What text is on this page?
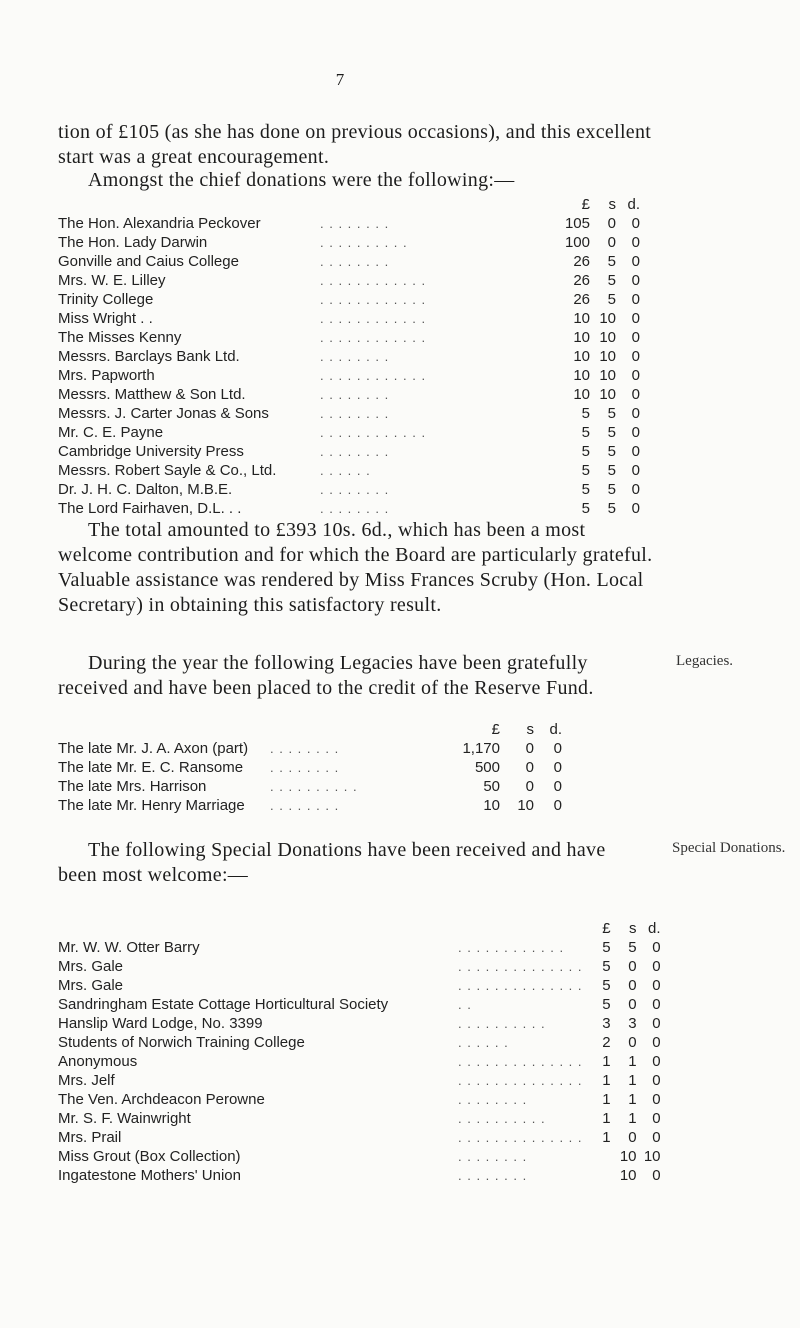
7

tion of £105 (as she has done on previous occasions), and this excellent start was a great encouragement.

Amongst the chief donations were the following:—

		£	s	d.
The Hon. Alexandria Peckover	. . . . . . . .	105	0	0
The Hon. Lady Darwin	. . . . . . . . . .	100	0	0
Gonville and Caius College	. . . . . . . .	26	5	0
Mrs. W. E. Lilley	. . . . . . . . . . . .	26	5	0
Trinity College	. . . . . . . . . . . .	26	5	0
Miss Wright . .	. . . . . . . . . . . .	10	10	0
The Misses Kenny	. . . . . . . . . . . .	10	10	0
Messrs. Barclays Bank Ltd.	. . . . . . . .	10	10	0
Mrs. Papworth	. . . . . . . . . . . .	10	10	0
Messrs. Matthew & Son Ltd.	. . . . . . . .	10	10	0
Messrs. J. Carter Jonas & Sons	. . . . . . . .	5	5	0
Mr. C. E. Payne	. . . . . . . . . . . .	5	5	0
Cambridge University Press	. . . . . . . .	5	5	0
Messrs. Robert Sayle & Co., Ltd.	. . . . . .	5	5	0
Dr. J. H. C. Dalton, M.B.E.	. . . . . . . .	5	5	0
The Lord Fairhaven, D.L. . .	. . . . . . . .	5	5	0

The total amounted to £393 10s. 6d., which has been a most welcome contribution and for which the Board are particularly grateful. Valuable assistance was rendered by Miss Frances Scruby (Hon. Local Secretary) in obtaining this satisfactory result.

During the year the following Legacies have been gratefully received and have been placed to the credit of the Reserve Fund.

Legacies.
		£	s	d.
The late Mr. J. A. Axon (part)	. . . . . . . .	1,170	0	0
The late Mr. E. C. Ransome	. . . . . . . .	500	0	0
The late Mrs. Harrison	. . . . . . . . . .	50	0	0
The late Mr. Henry Marriage	. . . . . . . .	10	10	0

The following Special Donations have been received and have been most welcome:—

Special Donations.
		£	s	d.
Mr. W. W. Otter Barry	. . . . . . . . . . . .	5	5	0
Mrs. Gale	. . . . . . . . . . . . . .	5	0	0
Mrs. Gale	. . . . . . . . . . . . . .	5	0	0
Sandringham Estate Cottage Horticultural Society	. .	5	0	0
Hanslip Ward Lodge, No. 3399	. . . . . . . . . .	3	3	0
Students of Norwich Training College	. . . . . .	2	0	0
Anonymous	. . . . . . . . . . . . . .	1	1	0
Mrs. Jelf	. . . . . . . . . . . . . .	1	1	0
The Ven. Archdeacon Perowne	. . . . . . . .	1	1	0
Mr. S. F. Wainwright	. . . . . . . . . .	1	1	0
Mrs. Prail	. . . . . . . . . . . . . .	1	0	0
Miss Grout (Box Collection)	. . . . . . . .		10	10
Ingatestone Mothers' Union	. . . . . . . .		10	0
